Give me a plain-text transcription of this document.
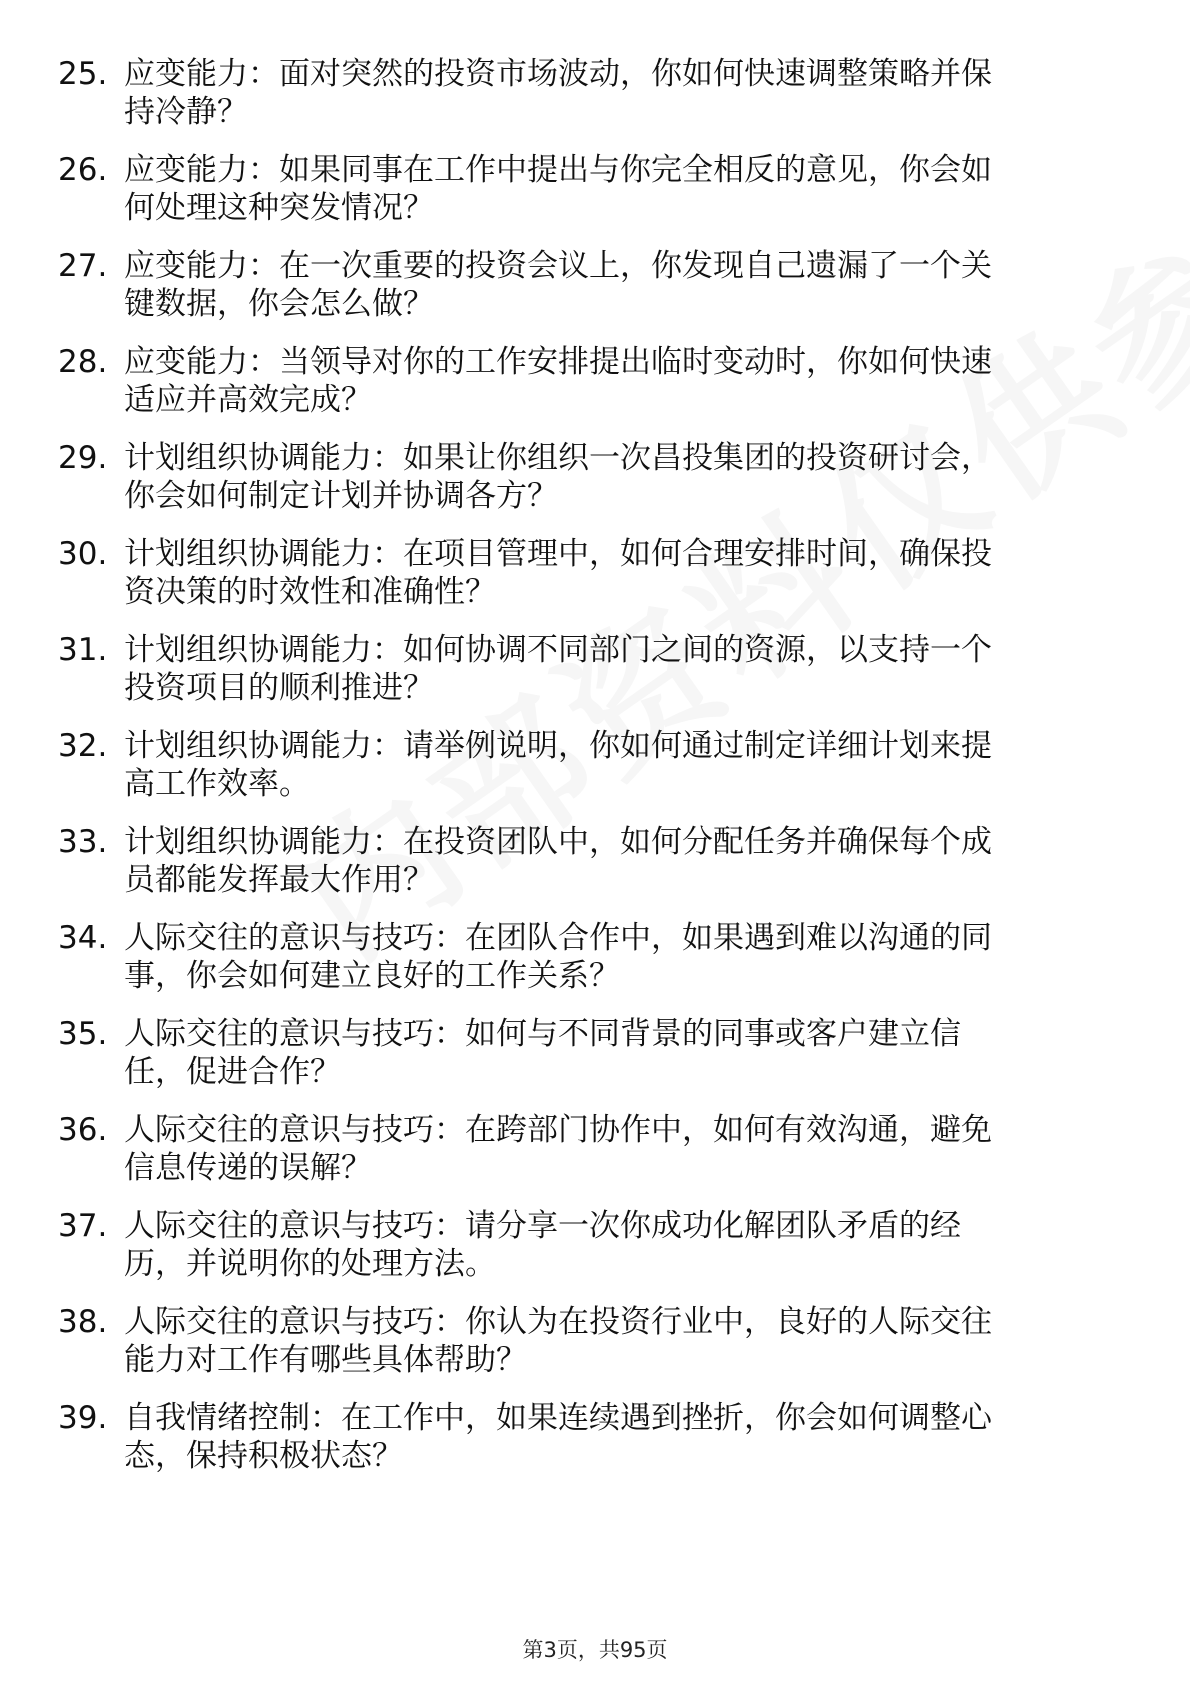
25. 应变能力：面对突然的投资市场波动，你如何快速调整策略并保
持冷静？
26. 应变能力：如果同事在工作中提出与你完全相反的意见，你会如
何处理这种突发情况？
27. 应变能力：在一次重要的投资会议上，你发现自己遗漏了一个关
键数据，你会怎么做？
28. 应变能力：当领导对你的工作安排提出临时变动时，你如何快速
适应并高效完成？
29. 计划组织协调能力：如果让你组织一次昌投集团的投资研讨会，
你会如何制定计划并协调各方？
30. 计划组织协调能力：在项目管理中，如何合理安排时间，确保投
资决策的时效性和准确性？
31. 计划组织协调能力：如何协调不同部门之间的资源，以支持一个
投资项目的顺利推进？
32. 计划组织协调能力：请举例说明，你如何通过制定详细计划来提
高工作效率。
33. 计划组织协调能力：在投资团队中，如何分配任务并确保每个成
员都能发挥最大作用？
34. 人际交往的意识与技巧：在团队合作中，如果遇到难以沟通的同
事，你会如何建立良好的工作关系？
35. 人际交往的意识与技巧：如何与不同背景的同事或客户建立信
任，促进合作？
36. 人际交往的意识与技巧：在跨部门协作中，如何有效沟通，避免
信息传递的误解？
37. 人际交往的意识与技巧：请分享一次你成功化解团队矛盾的经
历，并说明你的处理方法。
38. 人际交往的意识与技巧：你认为在投资行业中，良好的人际交往
能力对工作有哪些具体帮助？
39. 自我情绪控制：在工作中，如果连续遇到挫折，你会如何调整心
态，保持积极状态？
第3页，共95页
